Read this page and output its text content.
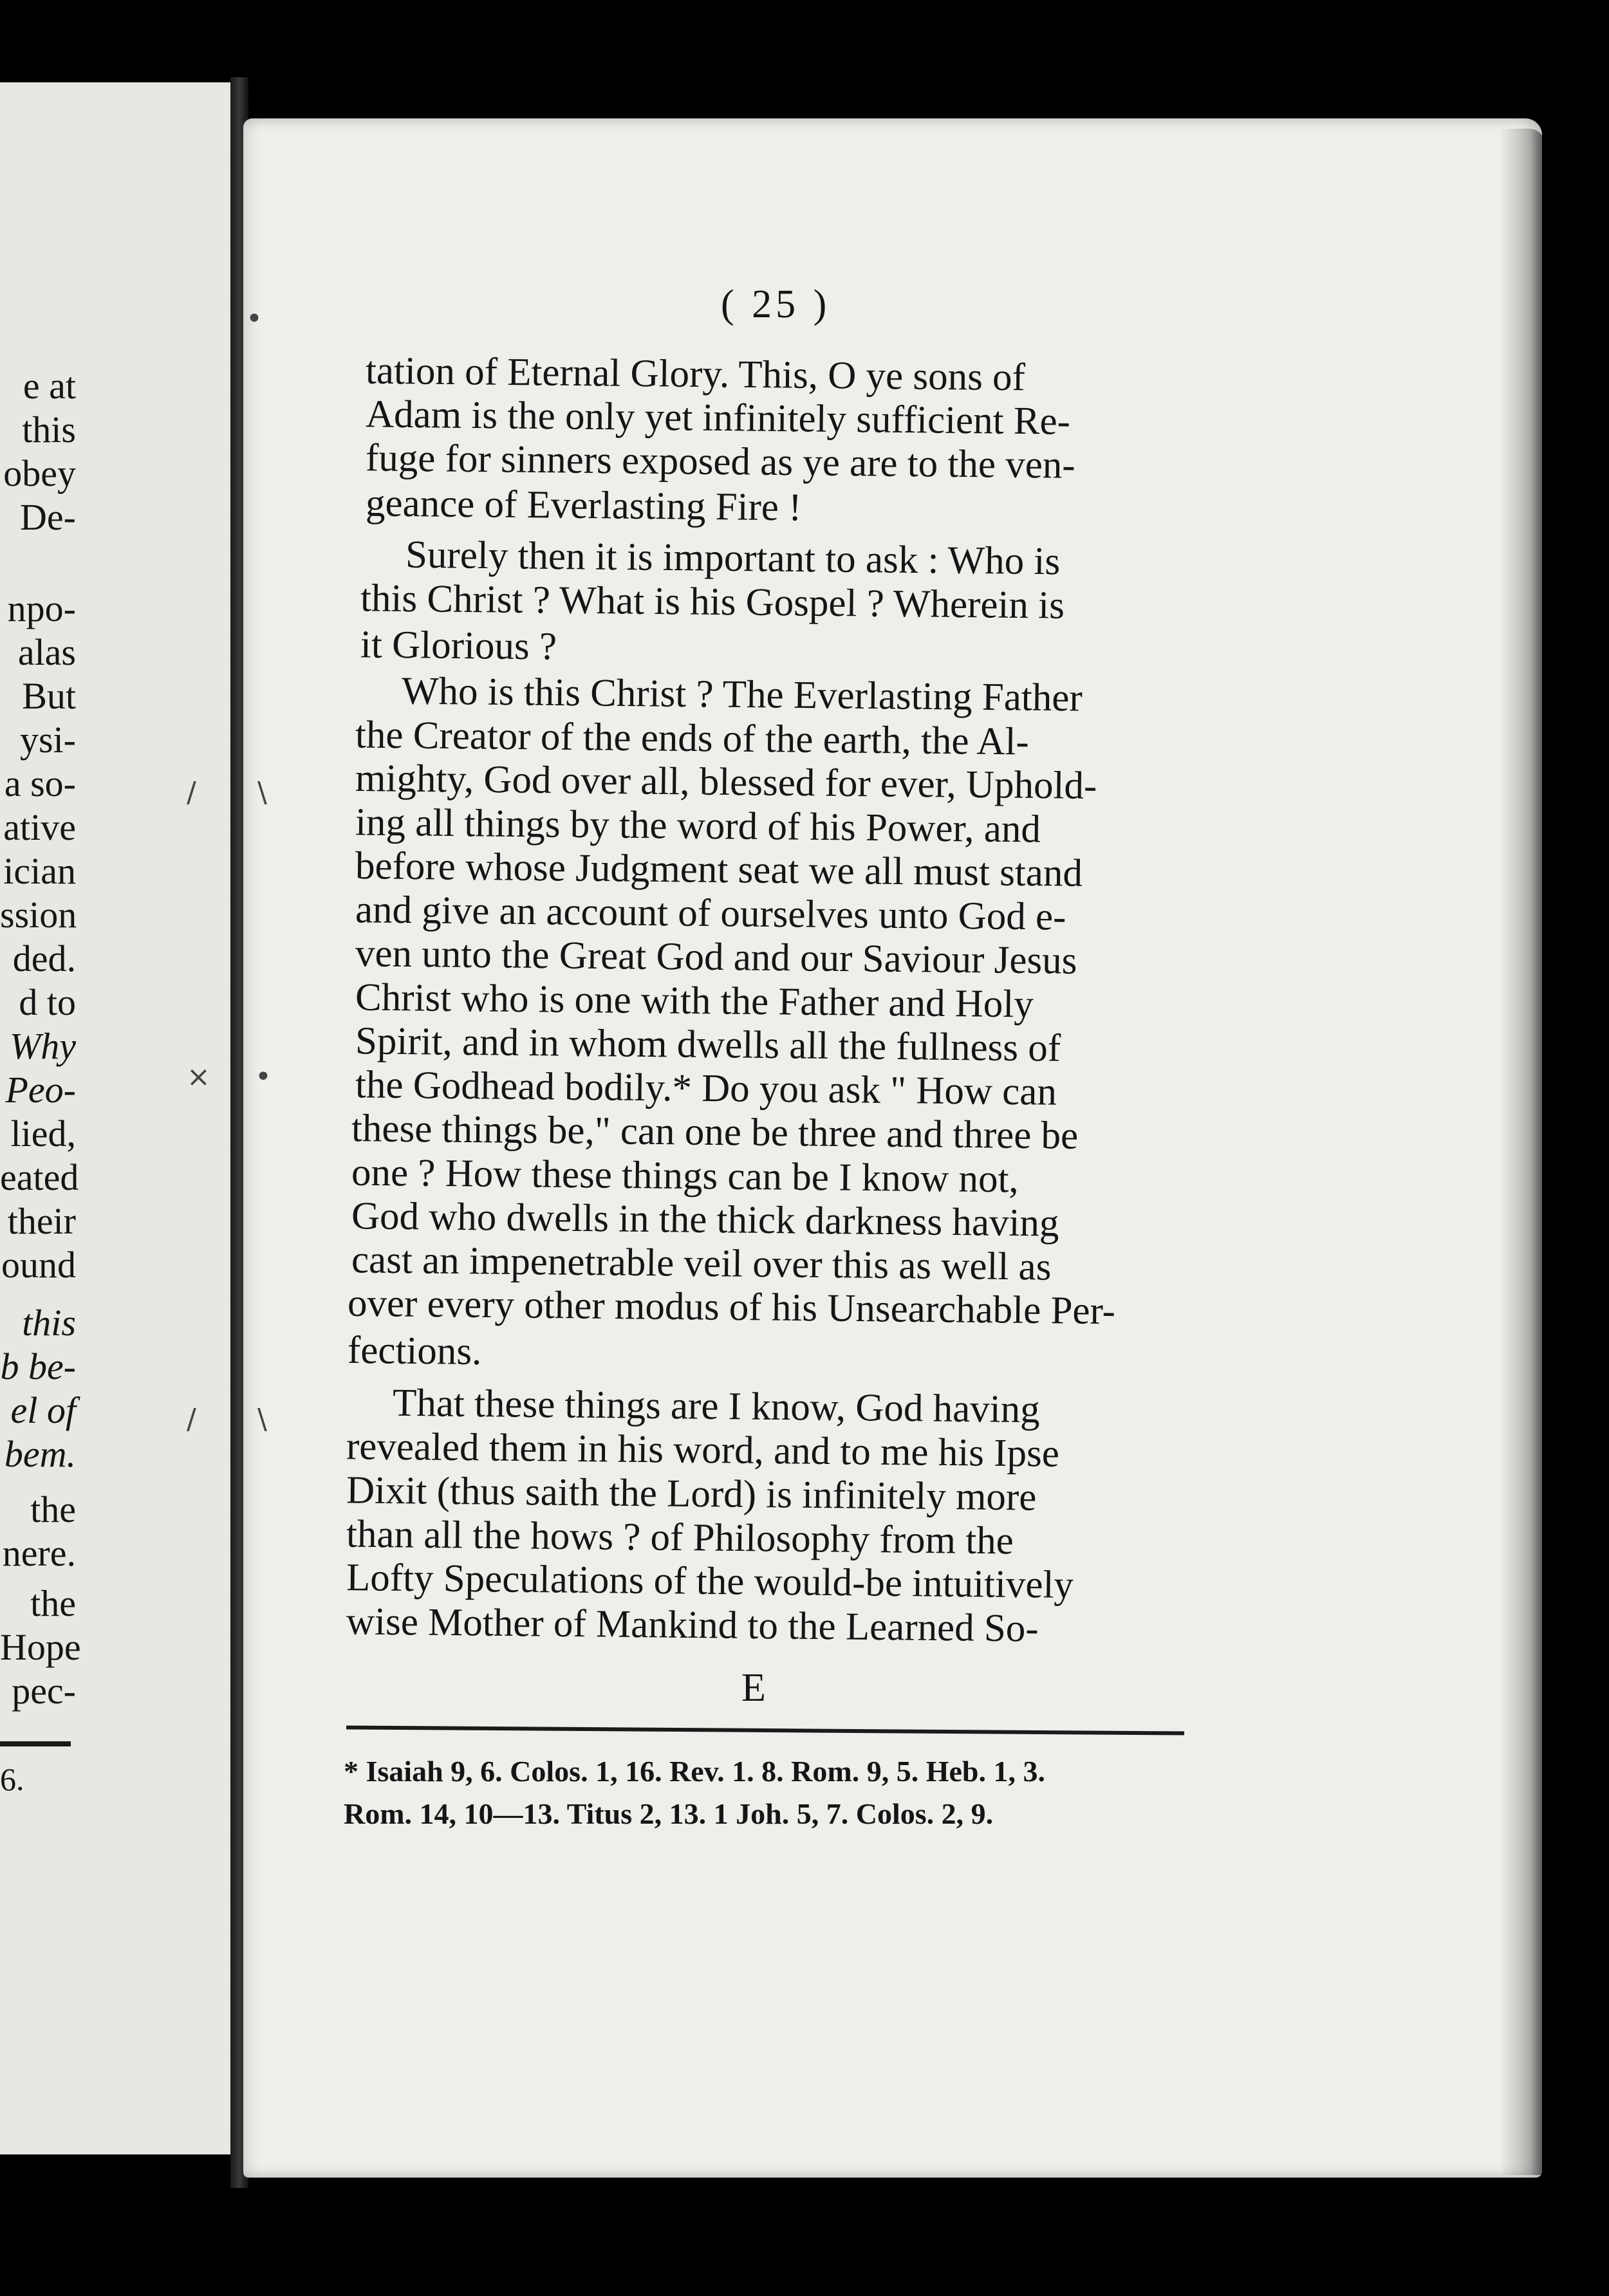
e at
this
obey
De-
npo-
alas
But
ysi-
a so-
ative
ician
ssion
ded.
d to
Why
Peo-
lied,
eated
their
ound
this
b be-
el of
bem.
the
nere.
the
Hope
pec-
6.
/ \
× •
/ \
•	( 25 )
tation of Eternal Glory. This, O ye sons of
Adam is the only yet infinitely sufficient Re-
fuge for sinners exposed as ye are to the ven-
geance of Everlasting Fire !
Surely then it is important to ask : Who is
this Christ ? What is his Gospel ? Wherein is
it Glorious ?
Who is this Christ ? The Everlasting Father
the Creator of the ends of the earth, the Al-
mighty, God over all, blessed for ever, Uphold-
ing all things by the word of his Power, and
before whose Judgment seat we all must stand
and give an account of ourselves unto God e-
ven unto the Great God and our Saviour Jesus
Christ who is one with the Father and Holy
Spirit, and in whom dwells all the fullness of
the Godhead bodily.* Do you ask " How can
these things be," can one be three and three be
one ? How these things can be I know not,
God who dwells in the thick darkness having
cast an impenetrable veil over this as well as
over every other modus of his Unsearchable Per-
fections.
That these things are I know, God having
revealed them in his word, and to me his Ipse
Dixit (thus saith the Lord) is infinitely more
than all the hows ? of Philosophy from the
Lofty Speculations of the would-be intuitively
wise Mother of Mankind to the Learned So-
E
* Isaiah 9, 6. Colos. 1, 16. Rev. 1. 8. Rom. 9, 5. Heb. 1, 3.
Rom. 14, 10—13. Titus 2, 13. 1 Joh. 5, 7. Colos. 2, 9.
